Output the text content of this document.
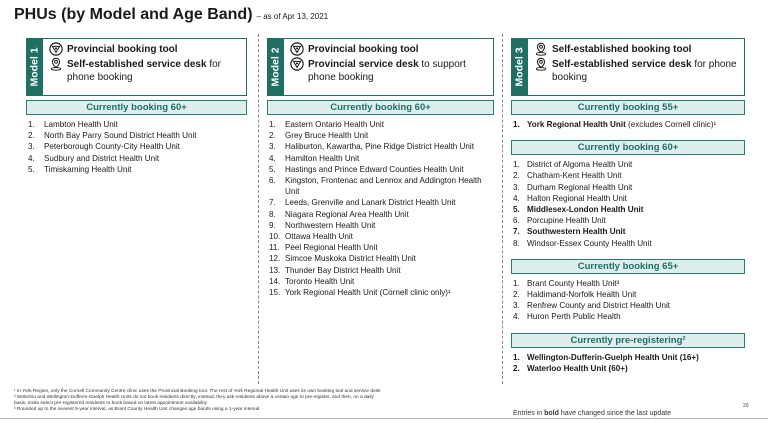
PHUs (by Model and Age Band) – as of Apr 13, 2021
Model 1	Provincial booking tool
Self-established service desk for phone booking
Currently booking 60+
1.	Lambton Health Unit
2.	North Bay Parry Sound District Health Unit
3.	Peterborough County-City Health Unit
4.	Sudbury and District Health Unit
5.	Timiskaming Health Unit
Model 2	Provincial booking tool
Provincial service desk to support phone booking
Currently booking 60+
1.	Eastern Ontario Health Unit
2.	Grey Bruce Health Unit
3.	Haliburton, Kawartha, Pine Ridge District Health Unit
4.	Hamilton Health Unit
5.	Hastings and Prince Edward Counties Health Unit
6.	Kingston, Frontenac and Lennox and Addington Health Unit
7.	Leeds, Grenville and Lanark District Health Unit
8.	Niagara Regional Area Health Unit
9.	Northwestern Health Unit
10. Ottawa Health Unit
11. Peel Regional Health Unit
12. Simcoe Muskoka District Health Unit
13. Thunder Bay District Health Unit
14. Toronto Health Unit
15. York Regional Health Unit (Cornell clinic only)¹
Model 3	Self-established booking tool
Self-established service desk for phone booking
Currently booking 55+
1. York Regional Health Unit (excludes Cornell clinic)¹
Currently booking 60+
1. District of Algoma Health Unit
2. Chatham-Kent Health Unit
3. Durham Regional Health Unit
4. Halton Regional Health Unit
5. Middlesex-London Health Unit
6. Porcupine Health Unit
7. Southwestern Health Unit
8. Windsor-Essex County Health Unit
Currently booking 65+
1. Brant County Health Unit³
2. Haldimand-Norfolk Health Unit
3. Renfrew County and District Health Unit
4. Huron Perth Public Health
Currently pre-registering²
1. Wellington-Dufferin-Guelph Health Unit (16+)
2. Waterloo Health Unit (60+)

¹ In York Region, only the Cornell Community Centre clinic uses the Provincial Booking tool. The rest of York Regional Health Unit uses its own booking tool and service desk

² Waterloo and Wellington-Dufferin-Guelph Health Units do not book residents directly; instead, they ask residents above a certain age to pre-register, and then, on a daily

basis, invite select pre-registered residents to book based on latest appointment availability

³ Rounded up to the nearest 5-year interval, as Brant County Health Unit changes age bands using a 1-year interval

Entries in bold have changed since the last update
20
